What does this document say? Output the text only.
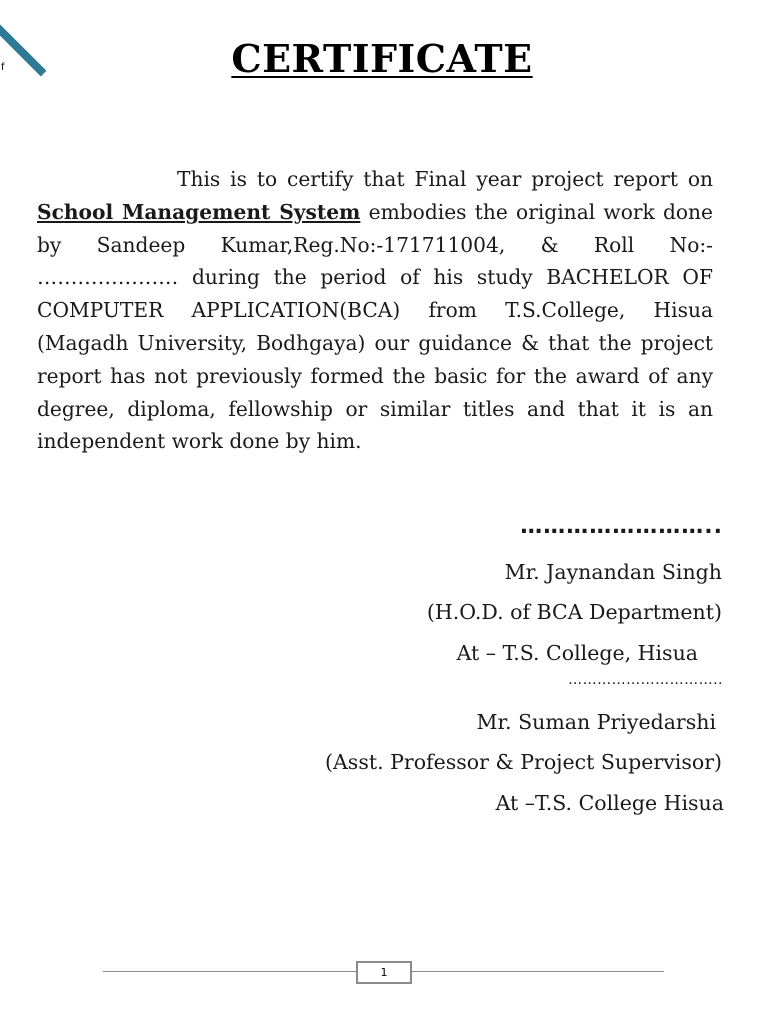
f	CERTIFICATE

This is to certify that Final year project report on School Management System embodies the original work done by Sandeep Kumar,Reg.No:-171711004, & Roll No:- ………………… during the period of his study BACHELOR OF COMPUTER APPLICATION(BCA) from T.S.College, Hisua (Magadh University, Bodhgaya) our guidance & that the project report has not previously formed the basic for the award of any degree, diploma, fellowship or similar titles and that it is an independent work done by him.

……………………..
Mr. Jaynandan Singh
(H.O.D. of BCA Department)
At – T.S. College, Hisua
…………………………..
Mr. Suman Priyedarshi
(Asst. Professor & Project Supervisor)
At –T.S. College Hisua
1
